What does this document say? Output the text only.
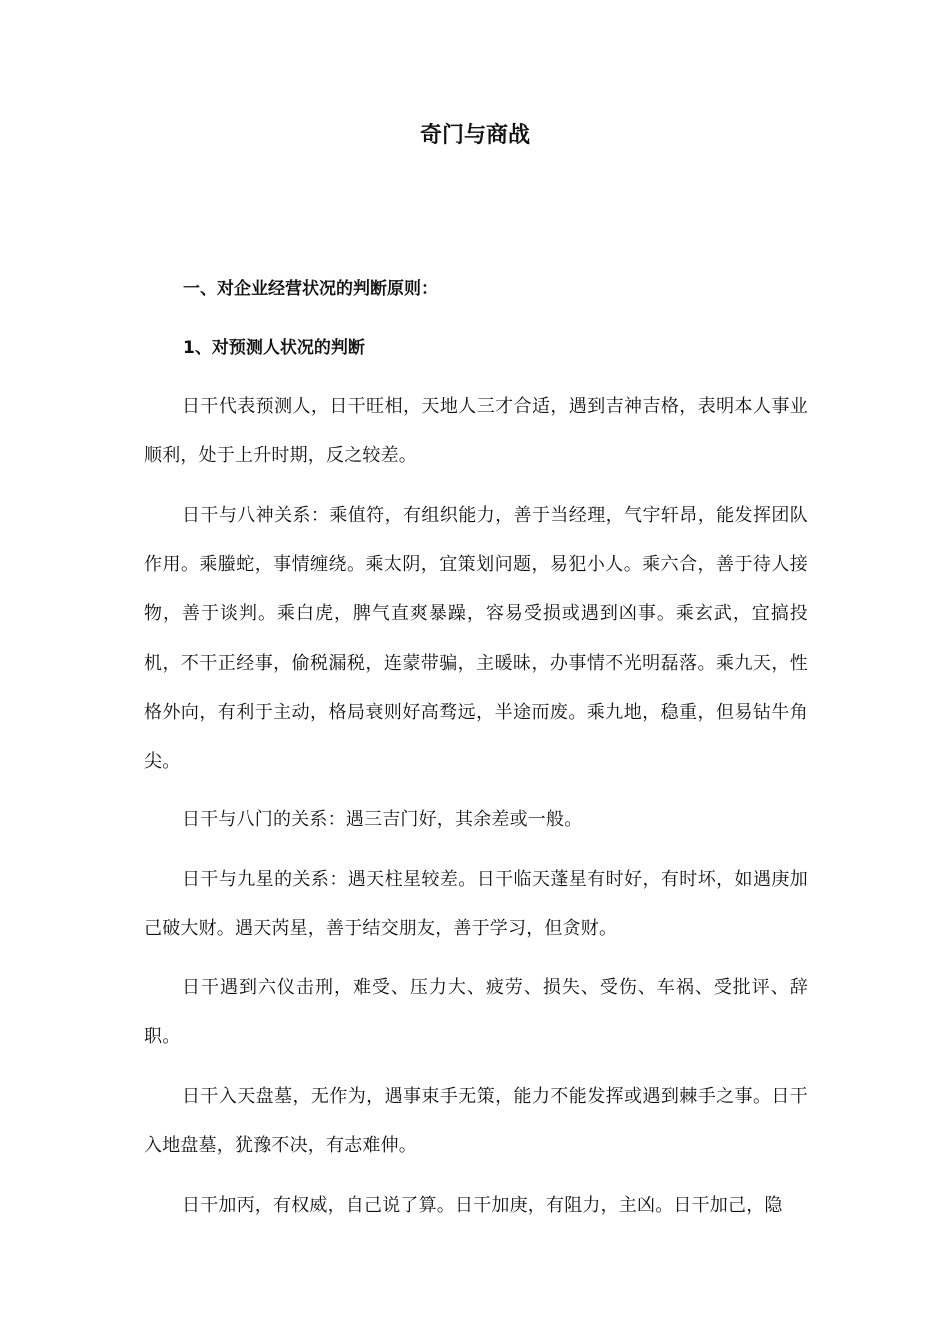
奇门与商战
一、对企业经营状况的判断原则：
1、对预测人状况的判断

日干代表预测人，日干旺相，天地人三才合适，遇到吉神吉格，表明本人事业顺利，处于上升时期，反之较差。

日干与八神关系：乘值符，有组织能力，善于当经理，气宇轩昂，能发挥团队作用。乘螣蛇，事情缠绕。乘太阴，宜策划问题，易犯小人。乘六合，善于待人接物，善于谈判。乘白虎，脾气直爽暴躁，容易受损或遇到凶事。乘玄武，宜搞投机，不干正经事，偷税漏税，连蒙带骗，主暖昧，办事情不光明磊落。乘九天，性格外向，有利于主动，格局衰则好高骛远，半途而废。乘九地，稳重，但易钻牛角尖。

日干与八门的关系：遇三吉门好，其余差或一般。

日干与九星的关系：遇天柱星较差。日干临天蓬星有时好，有时坏，如遇庚加己破大财。遇天芮星，善于结交朋友，善于学习，但贪财。

日干遇到六仪击刑，难受、压力大、疲劳、损失、受伤、车祸、受批评、辞职。

日干入天盘墓，无作为，遇事束手无策，能力不能发挥或遇到棘手之事。日干入地盘墓，犹豫不决，有志难伸。

日干加丙，有权威，自己说了算。日干加庚，有阻力，主凶。日干加己，隐
